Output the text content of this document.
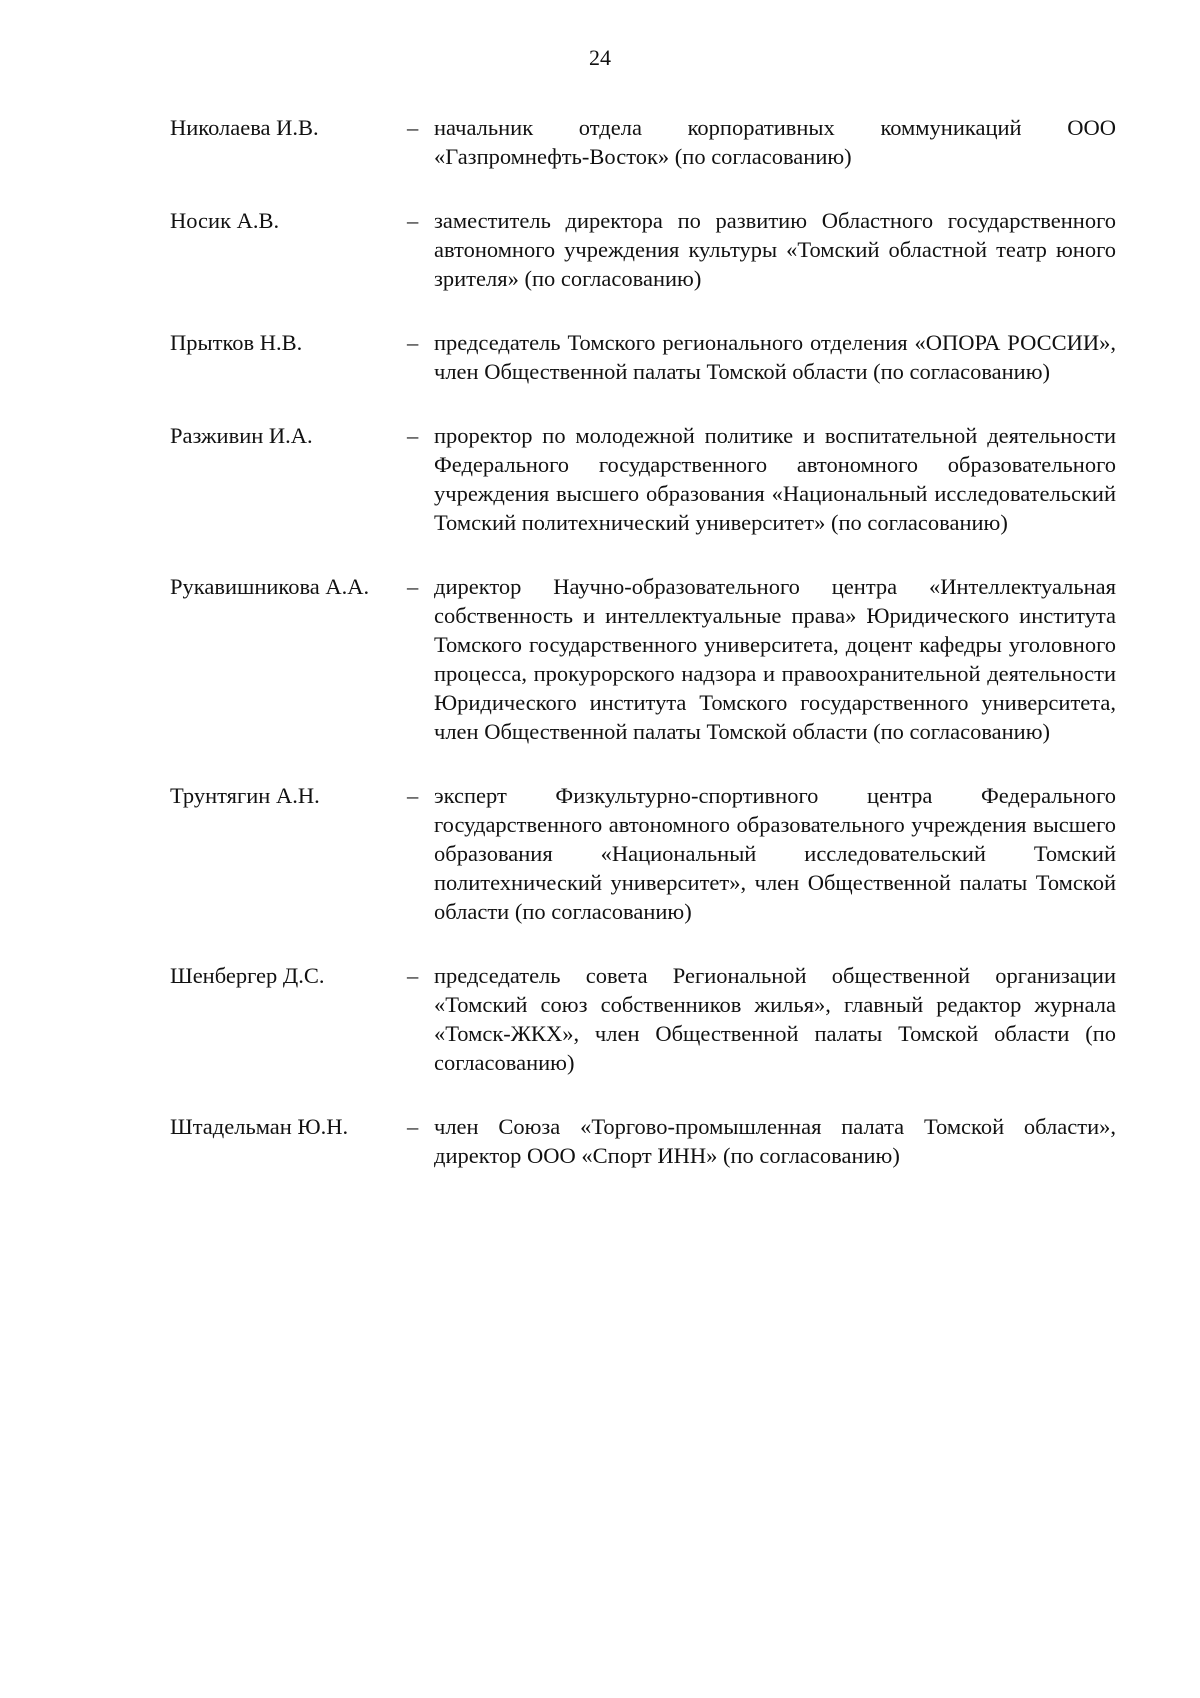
24
Николаева И.В.	– начальник отдела корпоративных коммуникаций ООО «Газпромнефть-Восток» (по согласованию)
Носик А.В.	– заместитель директора по развитию Областного государственного автономного учреждения культуры «Томский областной театр юного зрителя» (по согласованию)
Прытков Н.В.	– председатель Томского регионального отделения «ОПОРА РОССИИ», член Общественной палаты Томской области (по согласованию)
Разживин И.А.	– проректор по молодежной политике и воспитательной деятельности Федерального государственного автономного образовательного учреждения высшего образования «Национальный исследовательский Томский политехнический университет» (по согласованию)
Рукавишникова А.А.	– директор Научно-образовательного центра «Интеллектуальная собственность и интеллектуальные права» Юридического института Томского государственного университета, доцент кафедры уголовного процесса, прокурорского надзора и правоохранительной деятельности Юридического института Томского государственного университета, член Общественной палаты Томской области (по согласованию)
Трунтягин А.Н.	– эксперт Физкультурно-спортивного центра Федерального государственного автономного образовательного учреждения высшего образования «Национальный исследовательский Томский политехнический университет», член Общественной палаты Томской области (по согласованию)
Шенбергер Д.С.	– председатель совета Региональной общественной организации «Томский союз собственников жилья», главный редактор журнала «Томск-ЖКХ», член Общественной палаты Томской области (по согласованию)
Штадельман Ю.Н.	– член Союза «Торгово-промышленная палата Томской области», директор ООО «Спорт ИНН» (по согласованию)
